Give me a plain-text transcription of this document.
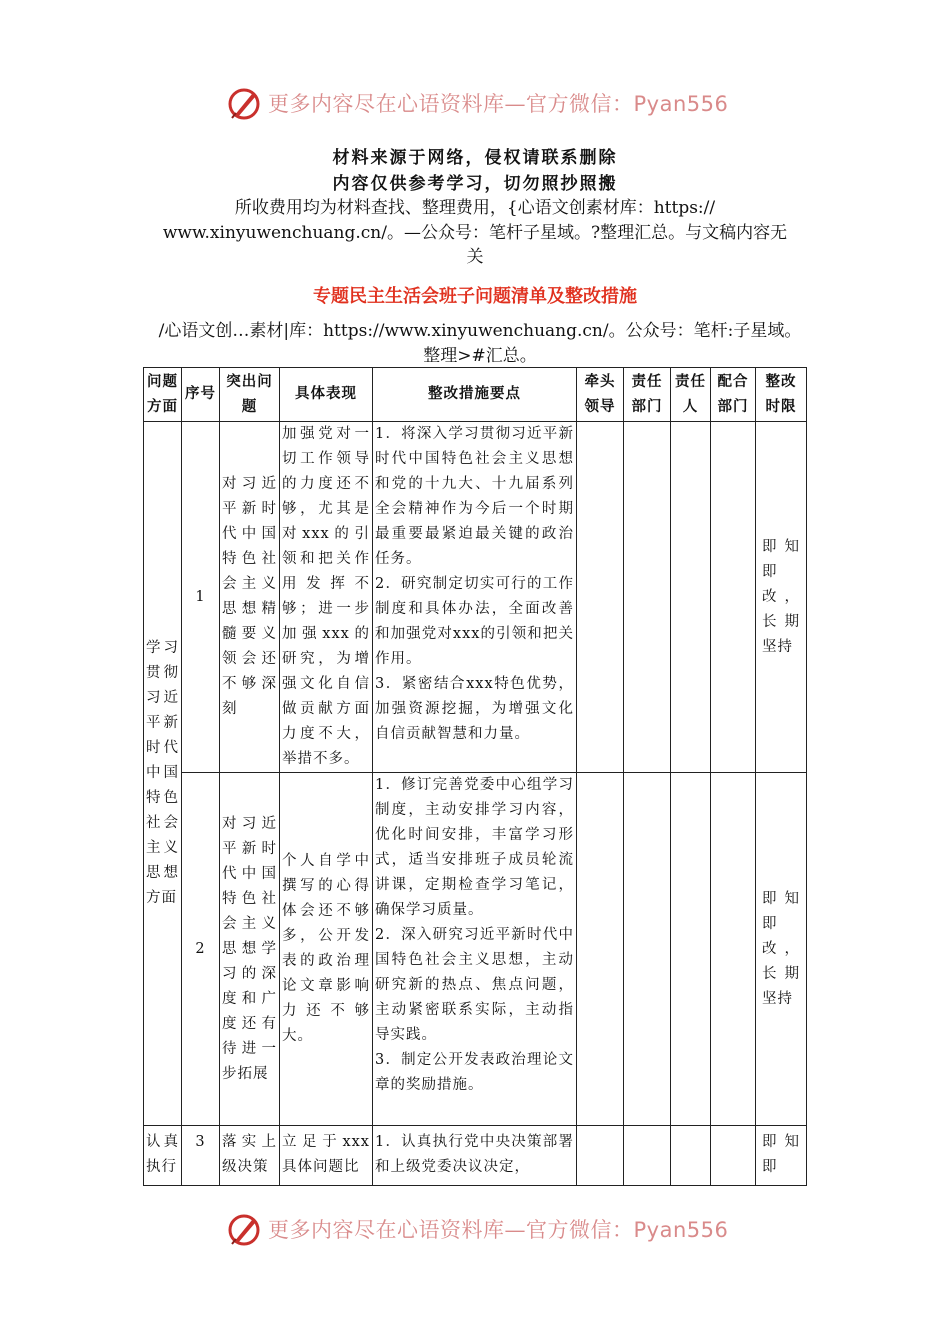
更多内容尽在心语资料库—官方微信：Pyan556
材料来源于网络，侵权请联系删除
内容仅供参考学习，切勿照抄照搬
所收费用均为材料查找、整理费用，{心语文创素材库：https://
www.xinyuwenchuang.cn/。—公众号：笔杆子星域。?整理汇总。与文稿内容无
关
专题民主生活会班子问题清单及整改措施
/心语文创…素材|库：https://www.xinyuwenchuang.cn/。公众号：笔杆:子星域。
整理>#汇总。
问题方面	序号	突出问题	具体表现	整改措施要点	牵头领导	责任部门	责任人	配合部门	整改时限
学习贯彻习近平新时代中国特色社会主义思想方面	1	对习近平新时代中国特色社会主义思想精髓要义领会还不够深刻	加强党对一切工作领导的力度还不够，尤其是对xxx的引领和把关作用发挥不够；进一步加强xxx的研究，为增强文化自信做贡献方面力度不大，举措不多。	1．将深入学习贯彻习近平新时代中国特色社会主义思想和党的十九大、十九届系列全会精神作为今后一个时期最重要最紧迫最关键的政治任务。
2．研究制定切实可行的工作制度和具体办法，全面改善和加强党对xxx的引领和把关作用。
3．紧密结合xxx特色优势，加强资源挖掘，为增强文化自信贡献智慧和力量。					即知即改，长期坚持
	2	对习近平新时代中国特色社会主义思想学习的深度和广度还有待进一步拓展	个人自学中撰写的心得体会还不够多，公开发表的政治理论文章影响力还不够大。	1．修订完善党委中心组学习制度，主动安排学习内容，优化时间安排，丰富学习形式，适当安排班子成员轮流讲课，定期检查学习笔记，确保学习质量。
2．深入研究习近平新时代中国特色社会主义思想，主动研究新的热点、焦点问题，主动紧密联系实际，主动指导实践。
3．制定公开发表政治理论文章的奖励措施。					即知即改，长期坚持
认真执行	3	落实上级决策	立足于xxx具体问题比	1．认真执行党中央决策部署和上级党委决议决定，					即知即
更多内容尽在心语资料库—官方微信：Pyan556
